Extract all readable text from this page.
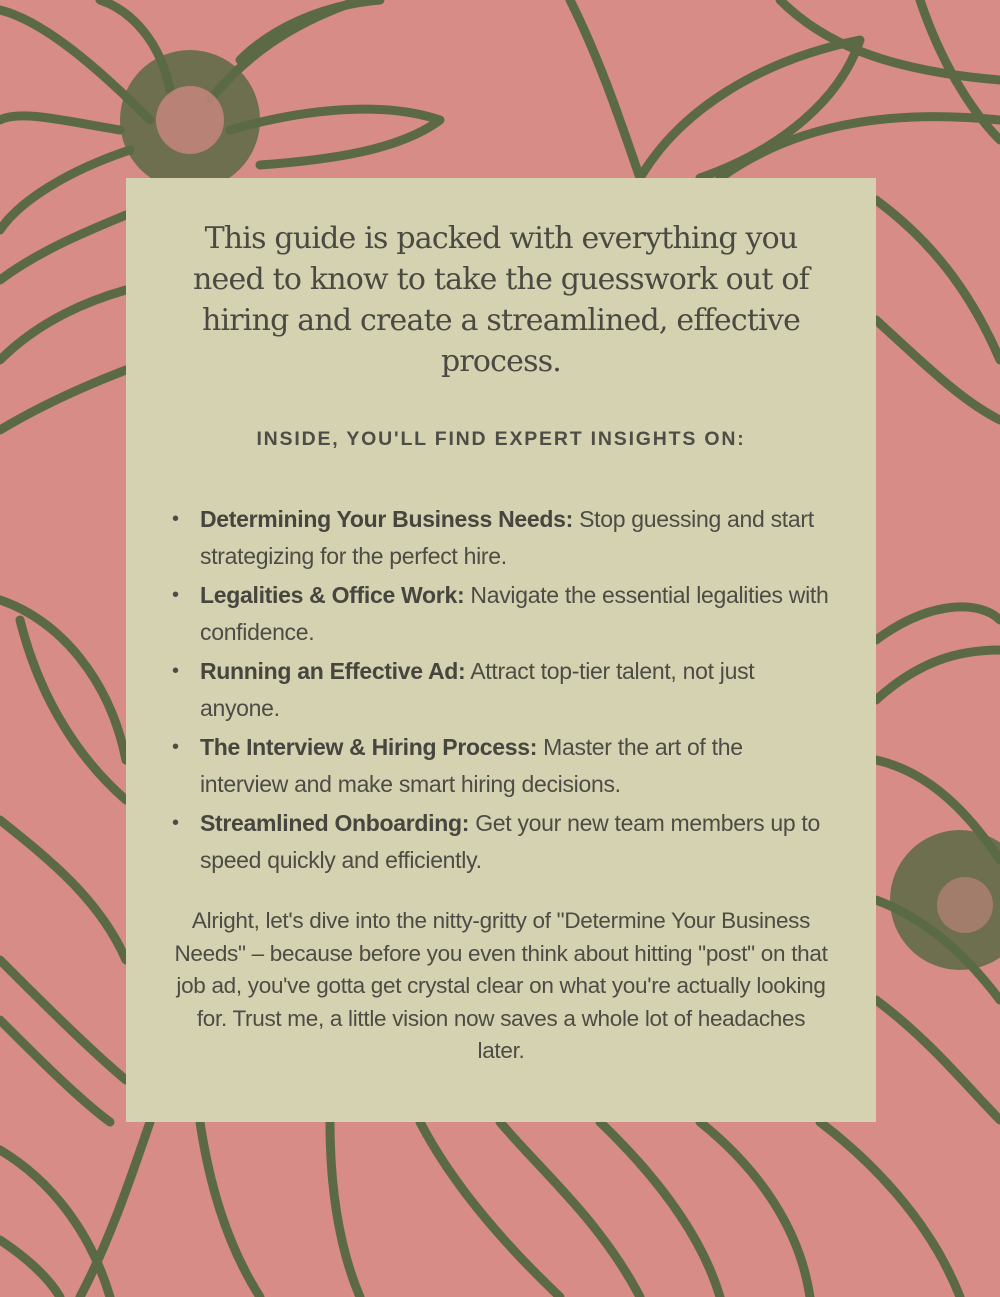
This guide is packed with everything you need to know to take the guesswork out of hiring and create a streamlined, effective process.
INSIDE, YOU'LL FIND EXPERT INSIGHTS ON:
• Determining Your Business Needs: Stop guessing and start strategizing for the perfect hire.
• Legalities & Office Work: Navigate the essential legalities with confidence.
• Running an Effective Ad: Attract top-tier talent, not just anyone.
• The Interview & Hiring Process: Master the art of the interview and make smart hiring decisions.
• Streamlined Onboarding: Get your new team members up to speed quickly and efficiently.

Alright, let's dive into the nitty-gritty of "Determine Your Business Needs" – because before you even think about hitting "post" on that job ad, you've gotta get crystal clear on what you're actually looking for. Trust me, a little vision now saves a whole lot of headaches later.
